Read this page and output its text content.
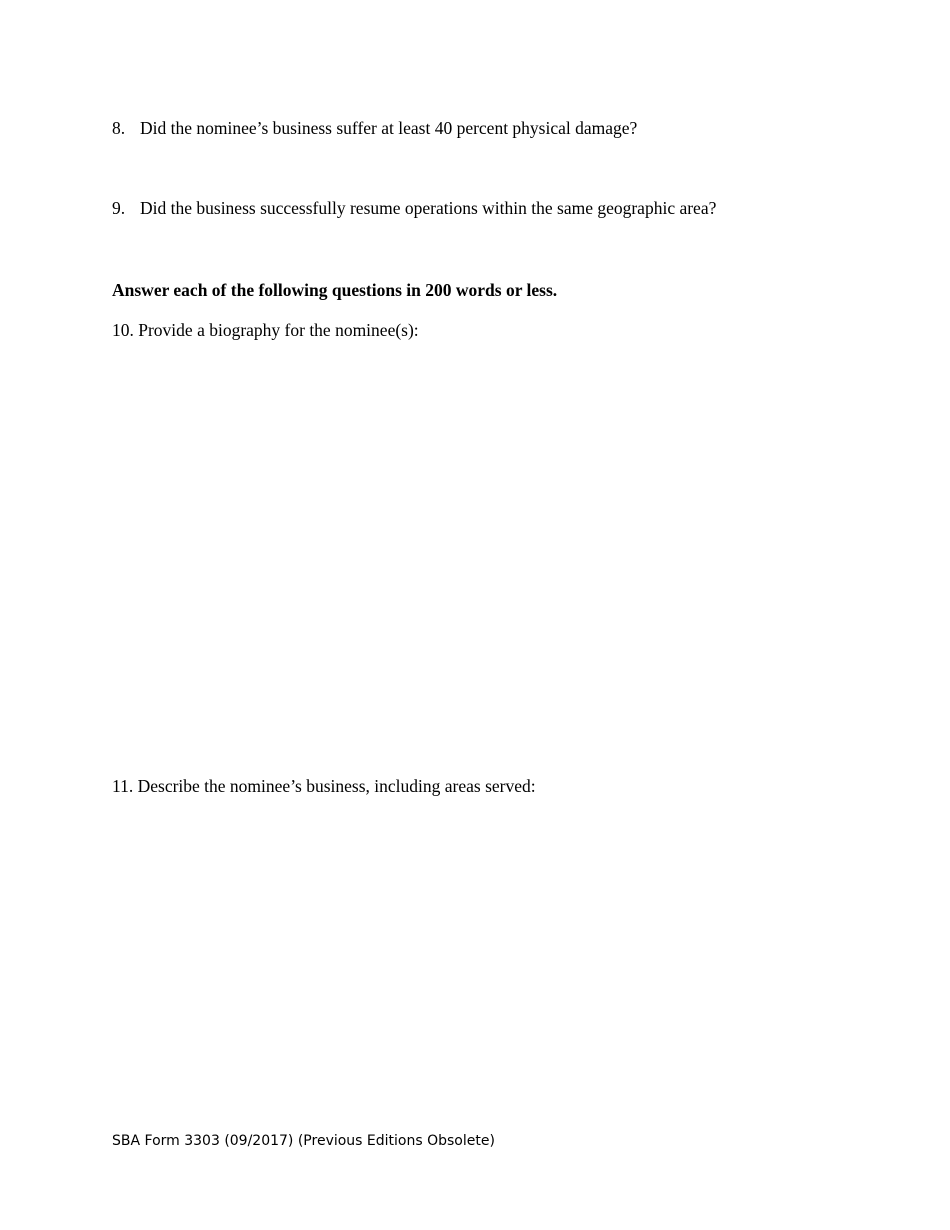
8. Did the nominee’s business suffer at least 40 percent physical damage?
9. Did the business successfully resume operations within the same geographic area?
Answer each of the following questions in 200 words or less.
10. Provide a biography for the nominee(s):
11. Describe the nominee’s business, including areas served:
SBA Form 3303 (09/2017) (Previous Editions Obsolete)
